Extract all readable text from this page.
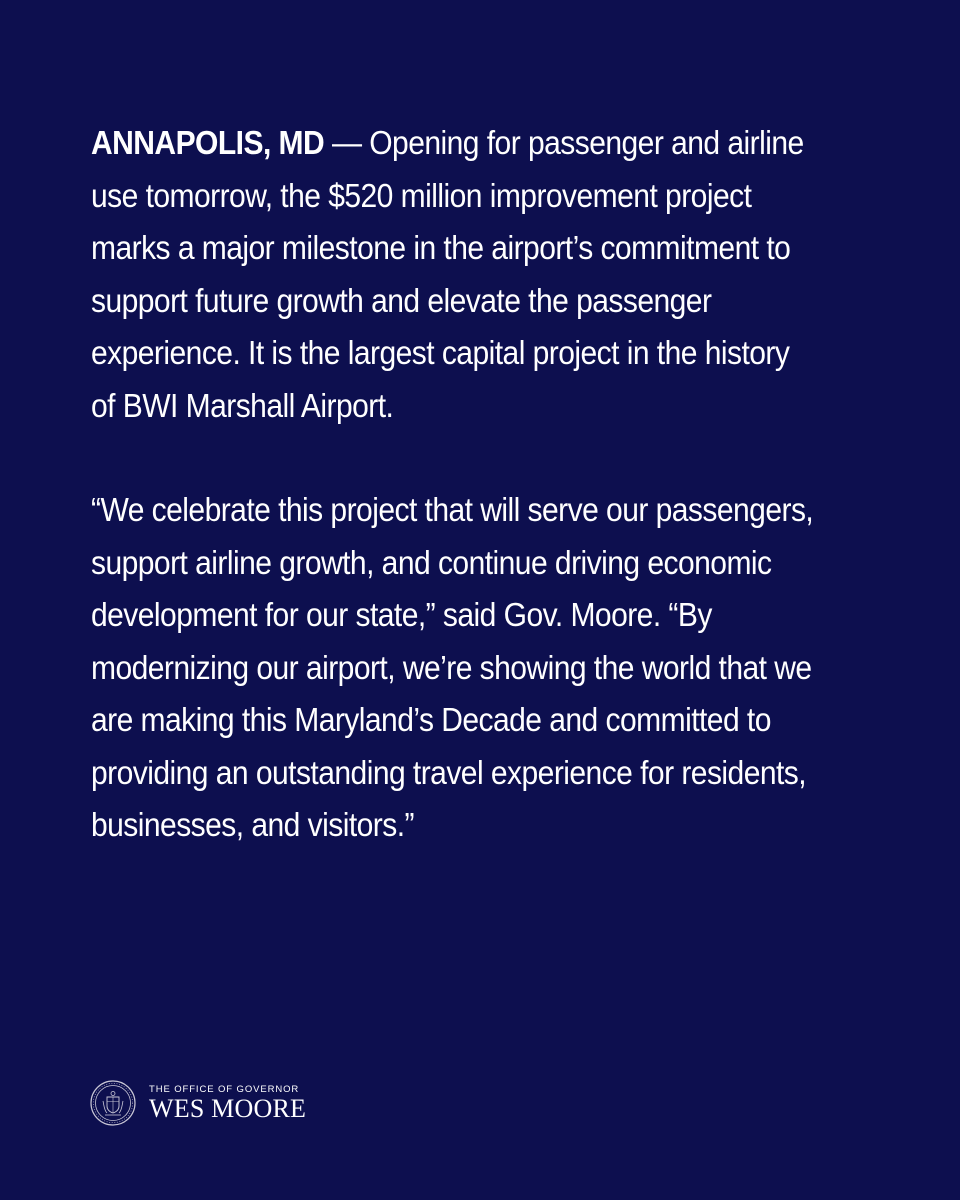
ANNAPOLIS, MD — Opening for passenger and airline use tomorrow, the $520 million improvement project marks a major milestone in the airport’s commitment to support future growth and elevate the passenger experience. It is the largest capital project in the history of BWI Marshall Airport.

“We celebrate this project that will serve our passengers, support airline growth, and continue driving economic development for our state,” said Gov. Moore. “By modernizing our airport, we’re showing the world that we are making this Maryland’s Decade and committed to providing an outstanding travel experience for residents, businesses, and visitors.”

THE OFFICE OF GOVERNOR
WES MOORE
